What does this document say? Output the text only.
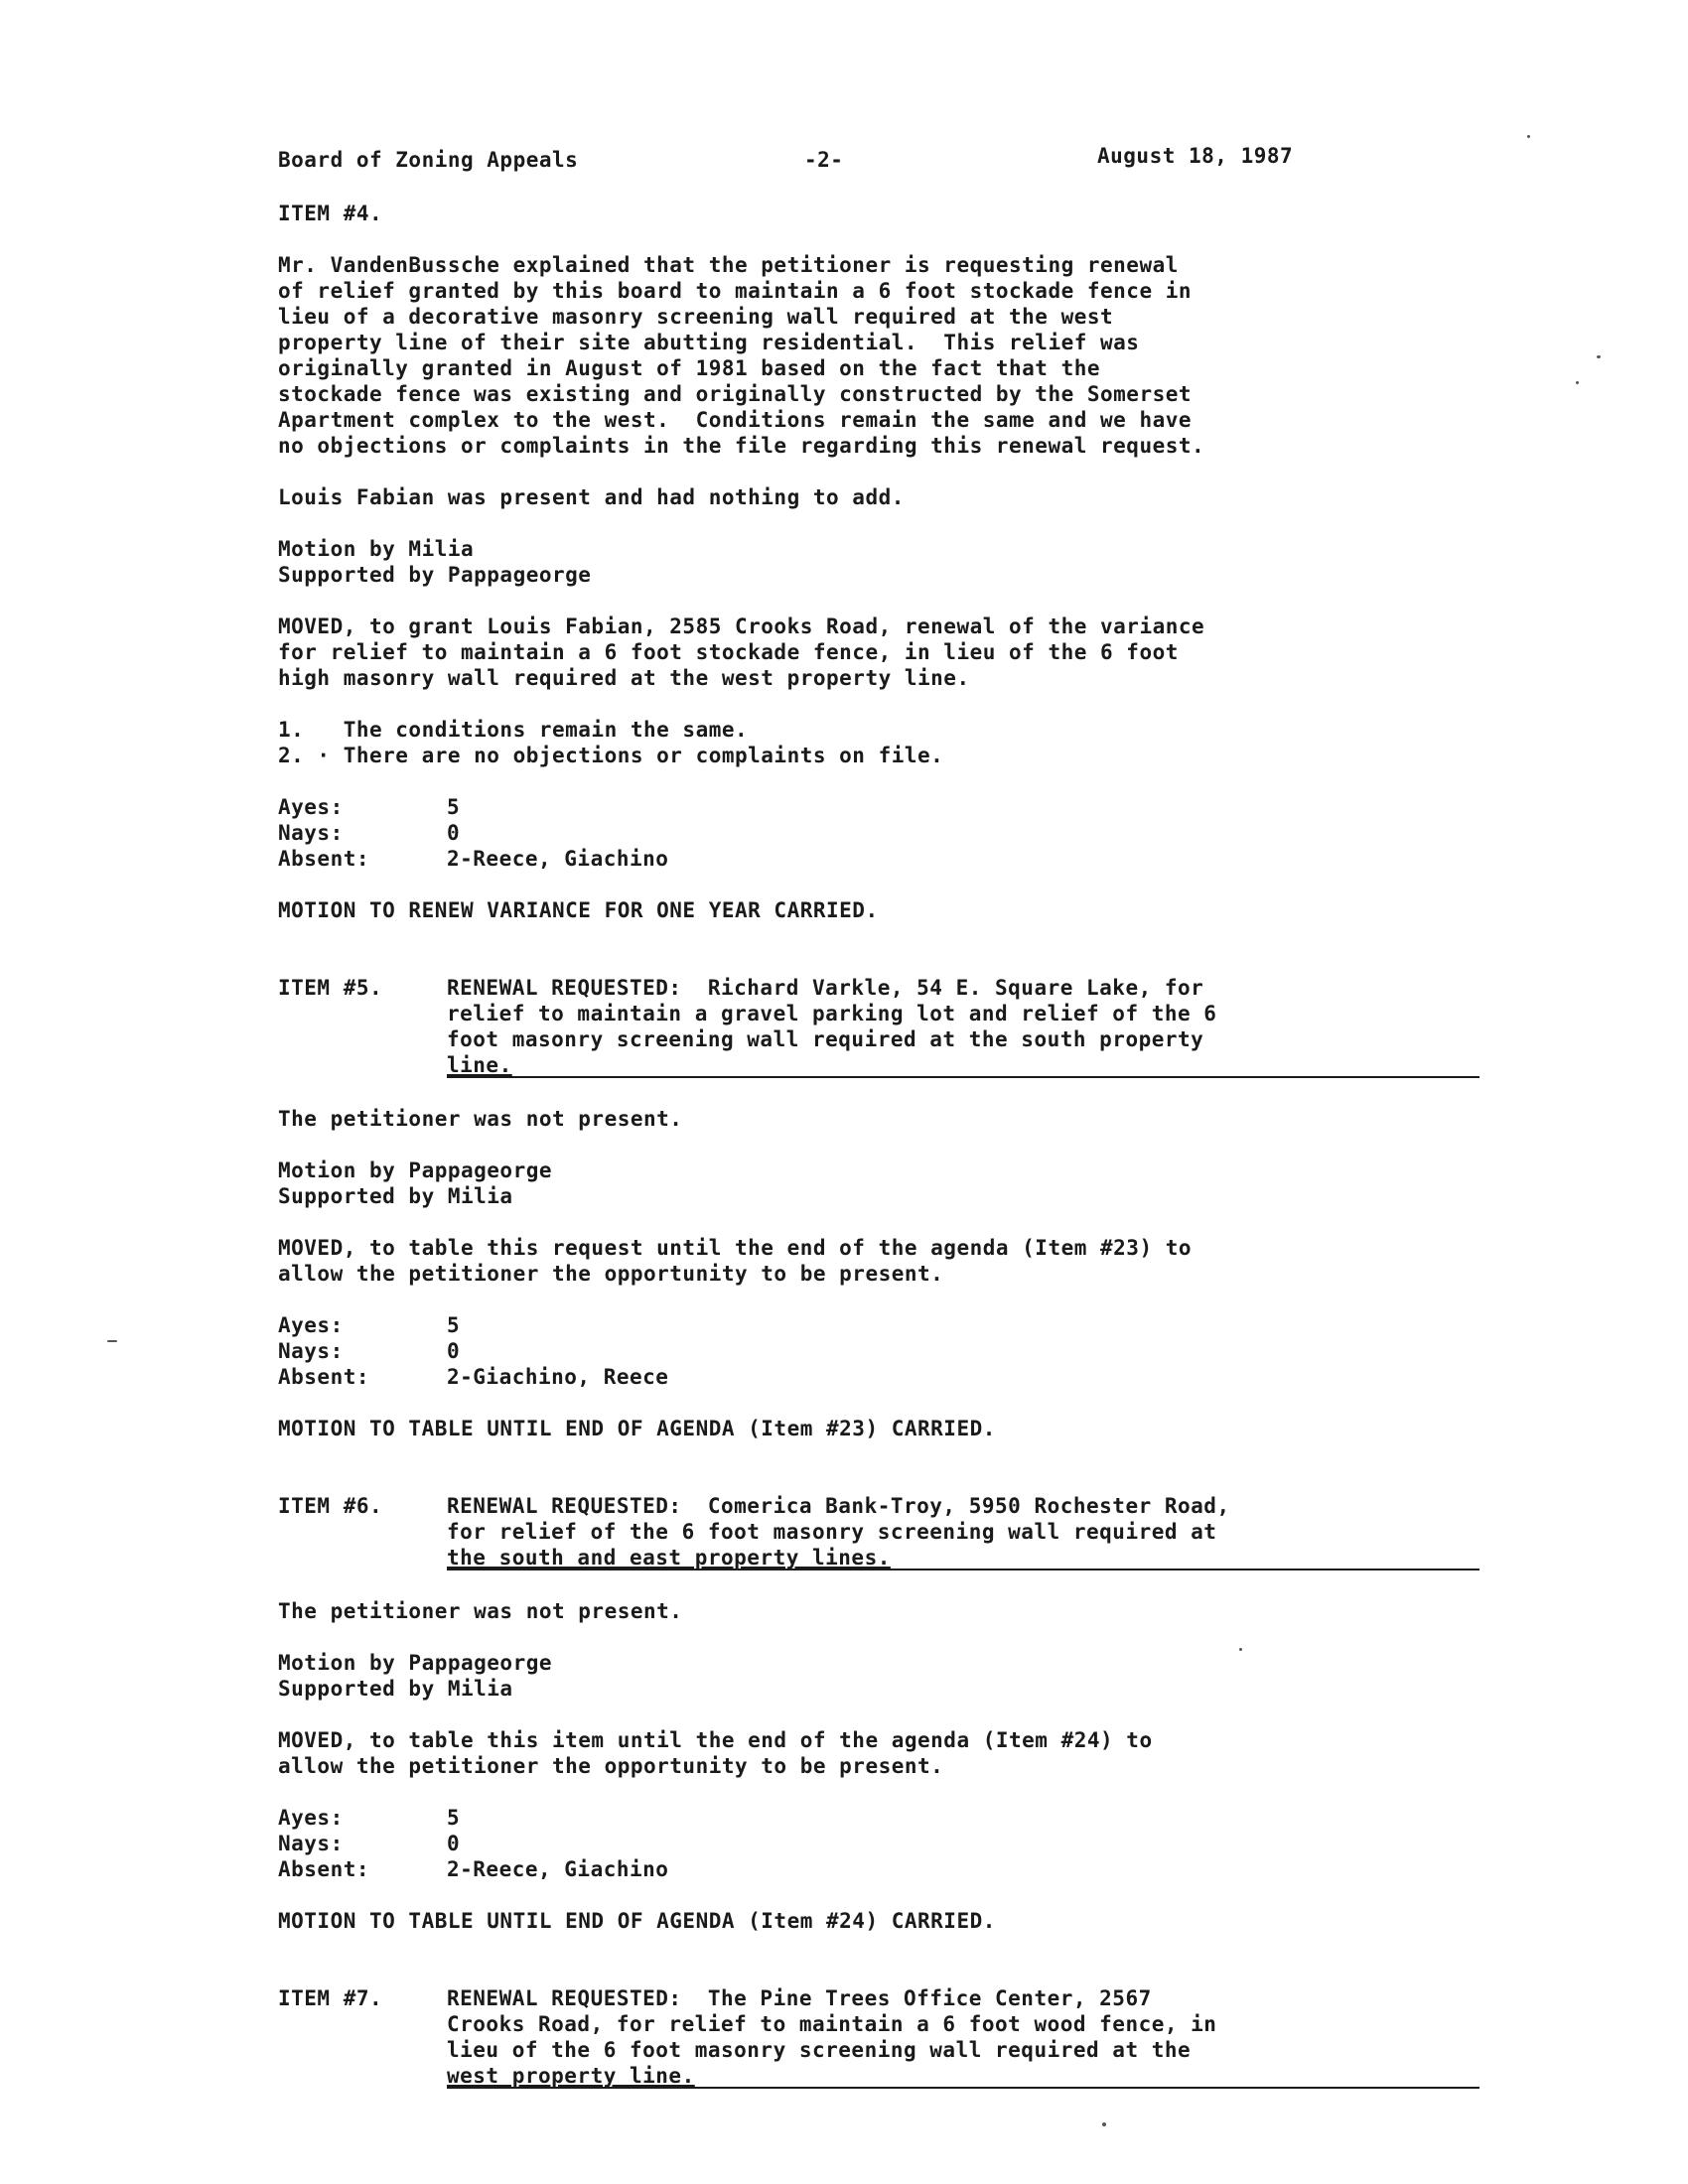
Board of Zoning Appeals	-2-	August 18, 1987
ITEM #4.
Mr. VandenBussche explained that the petitioner is requesting renewal
of relief granted by this board to maintain a 6 foot stockade fence in
lieu of a decorative masonry screening wall required at the west
property line of their site abutting residential.  This relief was
originally granted in August of 1981 based on the fact that the
stockade fence was existing and originally constructed by the Somerset
Apartment complex to the west.  Conditions remain the same and we have
no objections or complaints in the file regarding this renewal request.
Louis Fabian was present and had nothing to add.
Motion by Milia
Supported by Pappageorge
MOVED, to grant Louis Fabian, 2585 Crooks Road, renewal of the variance
for relief to maintain a 6 foot stockade fence, in lieu of the 6 foot
high masonry wall required at the west property line.
1.   The conditions remain the same.
2. · There are no objections or complaints on file.
Ayes:	5
Nays:	0
Absent:	2-Reece, Giachino
MOTION TO RENEW VARIANCE FOR ONE YEAR CARRIED.
ITEM #5.	RENEWAL REQUESTED:  Richard Varkle, 54 E. Square Lake, for
relief to maintain a gravel parking lot and relief of the 6
foot masonry screening wall required at the south property
line.
The petitioner was not present.
Motion by Pappageorge
Supported by Milia
MOVED, to table this request until the end of the agenda (Item #23) to
allow the petitioner the opportunity to be present.
Ayes:	5
Nays:	0
Absent:	2-Giachino, Reece
MOTION TO TABLE UNTIL END OF AGENDA (Item #23) CARRIED.
ITEM #6.	RENEWAL REQUESTED:  Comerica Bank-Troy, 5950 Rochester Road,
for relief of the 6 foot masonry screening wall required at
the south and east property lines.
The petitioner was not present.
Motion by Pappageorge
Supported by Milia
MOVED, to table this item until the end of the agenda (Item #24) to
allow the petitioner the opportunity to be present.
Ayes:	5
Nays:	0
Absent:	2-Reece, Giachino
MOTION TO TABLE UNTIL END OF AGENDA (Item #24) CARRIED.
ITEM #7.	RENEWAL REQUESTED:  The Pine Trees Office Center, 2567
Crooks Road, for relief to maintain a 6 foot wood fence, in
lieu of the 6 foot masonry screening wall required at the
west property line.
